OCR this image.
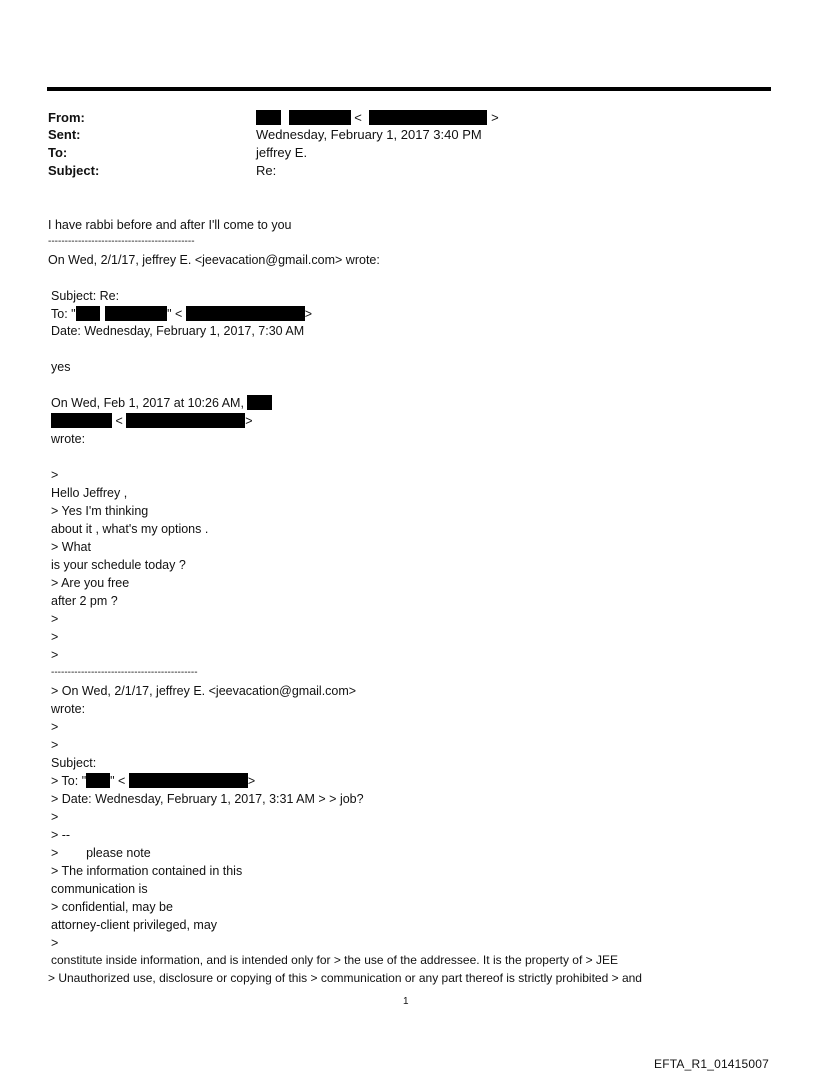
From:	<	>
Sent:	Wednesday, February 1, 2017 3:40 PM
To:	jeffrey E.
Subject:	Re:
I have rabbi before and after I'll come to you
--------------------------------------------
On Wed, 2/1/17, jeffrey E. <jeevacation@gmail.com> wrote:
Subject: Re:
To: "	" <	>
Date: Wednesday, February 1, 2017, 7:30 AM
yes
On Wed, Feb 1, 2017 at 10:26 AM,
<	>
wrote:
>
Hello Jeffrey ,
> Yes I'm thinking
about it , what's my options .
> What
is your schedule today ?
> Are you free
after 2 pm ?
>
>
>
--------------------------------------------
> On Wed, 2/1/17, jeffrey E. <jeevacation@gmail.com>
wrote:
>
>
Subject:
> To: " " <	>
> Date: Wednesday, February 1, 2017, 3:31 AM > > job?
>
> --
>        please note
> The information contained in this
communication is
> confidential, may be
attorney-client privileged, may
>
constitute inside information, and is intended only for > the use of the addressee. It is the property of > JEE
> Unauthorized use, disclosure or copying of this > communication or any part thereof is strictly prohibited > and
1
EFTA_R1_01415007
